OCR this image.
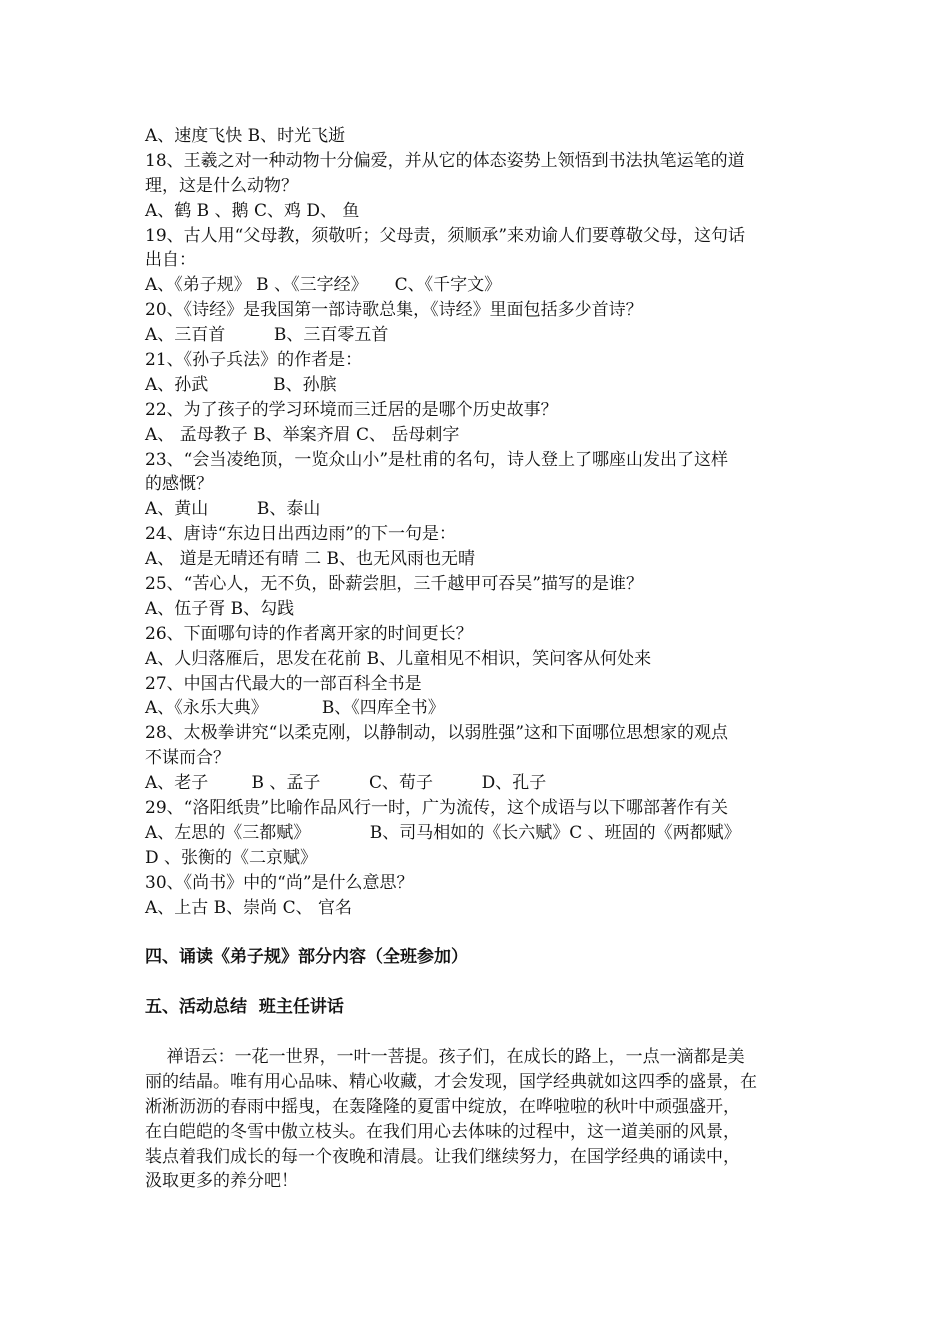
A、速度飞快 B、时光飞逝
18、王羲之对一种动物十分偏爱，并从它的体态姿势上领悟到书法执笔运笔的道
理，这是什么动物？
A、鹤 B 、鹅 C、鸡 D、 鱼
19、古人用“父母教，须敬听；父母责，须顺承”来劝谕人们要尊敬父母，这句话
出自：
A、《弟子规》 B 、《三字经》     C、《千字文》
20、《诗经》是我国第一部诗歌总集，《诗经》里面包括多少首诗？
A、三百首         B、三百零五首
21、《孙子兵法》的作者是：
A、孙武            B、孙膑
22、为了孩子的学习环境而三迁居的是哪个历史故事？
A、 孟母教子 B、举案齐眉 C、 岳母刺字
23、“会当凌绝顶，一览众山小”是杜甫的名句，诗人登上了哪座山发出了这样
的感慨？
A、黄山         B、泰山
24、唐诗“东边日出西边雨”的下一句是：
A、 道是无晴还有晴 二 B、也无风雨也无晴
25、“苦心人，无不负，卧薪尝胆，三千越甲可吞吴”描写的是谁？
A、伍子胥 B、勾践
26、下面哪句诗的作者离开家的时间更长？
A、人归落雁后，思发在花前 B、儿童相见不相识，笑问客从何处来
27、中国古代最大的一部百科全书是
A、《永乐大典》          B、《四库全书》
28、太极拳讲究“以柔克刚，以静制动，以弱胜强”这和下面哪位思想家的观点
不谋而合？
A、老子        B 、孟子         C、荀子         D、孔子
29、“洛阳纸贵”比喻作品风行一时，广为流传，这个成语与以下哪部著作有关
A、左思的《三都赋》           B、司马相如的《长六赋》C 、班固的《两都赋》
D 、张衡的《二京赋》
30、《尚书》中的“尚”是什么意思？
A、上古 B、崇尚 C、 官名
四、诵读《弟子规》部分内容（全班参加）
五、活动总结  班主任讲话
禅语云：一花一世界，一叶一菩提。孩子们，在成长的路上，一点一滴都是美
丽的结晶。唯有用心品味、精心收藏，才会发现，国学经典就如这四季的盛景，在
淅淅沥沥的春雨中摇曳，在轰隆隆的夏雷中绽放，在哗啦啦的秋叶中顽强盛开，
在白皑皑的冬雪中傲立枝头。在我们用心去体味的过程中，这一道美丽的风景，
装点着我们成长的每一个夜晚和清晨。让我们继续努力，在国学经典的诵读中，
汲取更多的养分吧！
